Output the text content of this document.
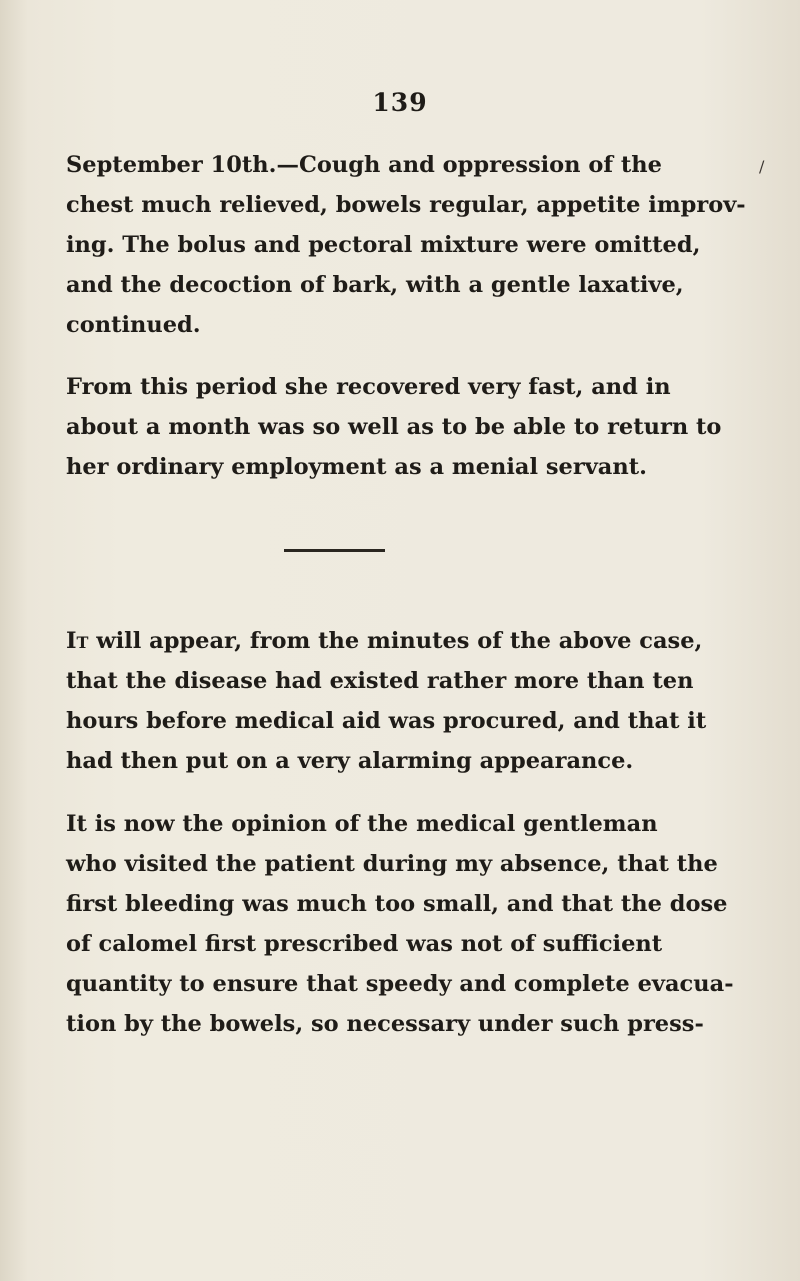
139
/
September 10th.—Cough and oppression of the
chest much relieved, bowels regular, appetite improv-
ing. The bolus and pectoral mixture were omitted,
and the decoction of bark, with a gentle laxative,
continued.
From this period she recovered very fast, and in
about a month was so well as to be able to return to
her ordinary employment as a menial servant.
It will appear, from the minutes of the above case,
that the disease had existed rather more than ten
hours before medical aid was procured, and that it
had then put on a very alarming appearance.
It is now the opinion of the medical gentleman
who visited the patient during my absence, that the
first bleeding was much too small, and that the dose
of calomel first prescribed was not of sufficient
quantity to ensure that speedy and complete evacua-
tion by the bowels, so necessary under such press-
